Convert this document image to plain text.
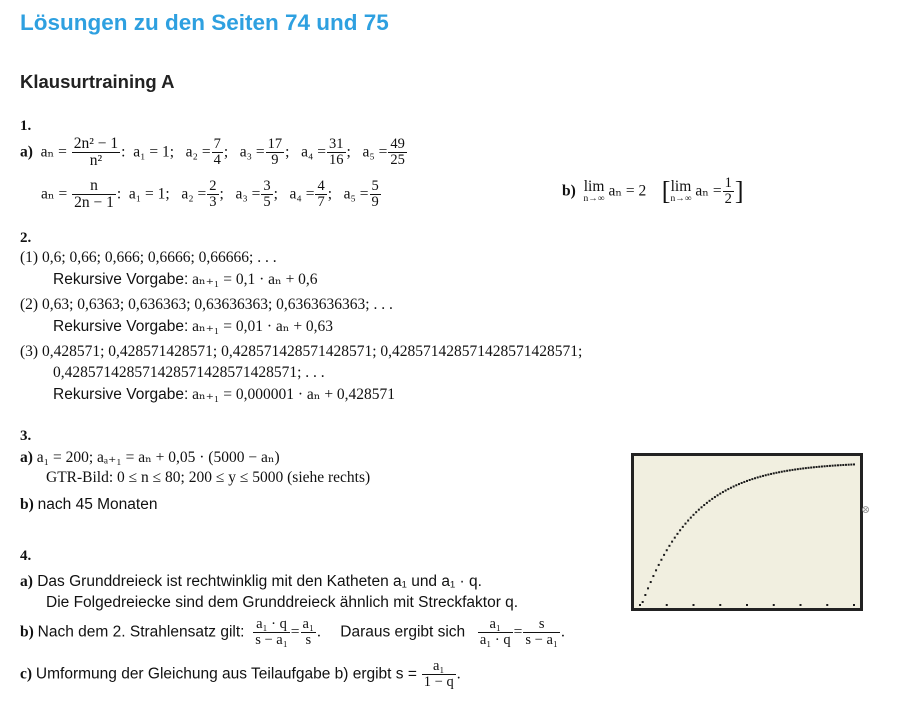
Lösungen zu den Seiten 74 und 75
Klausurtraining A
1.
a) $a_n = \frac{\text{2n² − 1}}{\text{n²}}$ :  a₁ = 1; $a_2 = \frac{7}{4}$ ;   $a_3 = \frac{17}{9}$ ;   $a_4 = \frac{31}{16}$ ;   $a_5 = \frac{49}{25}$
$a_n = \frac{n}{2n - 1}$ :  a₁ = 1; $a_2 = \frac{2}{3}$ ;   $a_3 = \frac{3}{5}$ ;   $a_4 = \frac{4}{7}$ ;   $a_5 = \frac{5}{9}$	b) lim
n→∞ aₙ = 2 [ lim
n→∞ $a_n = \frac{1}{2}$ ]
2.
(1) 0,6; 0,66; 0,666; 0,6666; 0,66666; . . .
Rekursive Vorgabe: aₙ₊₁ = 0,1 · aₙ + 0,6
(2) 0,63; 0,6363; 0,636363; 0,63636363; 0,6363636363; . . .
Rekursive Vorgabe: aₙ₊₁ = 0,01 · aₙ + 0,63
(3) 0,428571; 0,428571428571; 0,428571428571428571; 0,428571428571428571428571;
0,428571428571428571428571428571; . . .
Rekursive Vorgabe: aₙ₊₁ = 0,000001 · aₙ + 0,428571
3.
a) a₁ = 200; aₐ₊₁ = aₙ + 0,05 · (5000 − aₙ)
GTR-Bild: 0 ≤ n ≤ 80; 200 ≤ y ≤ 5000 (siehe rechts)
b) nach 45 Monaten	⊗
4.
a) Das Grunddreieck ist rechtwinklig mit den Katheten a₁ und a₁ · q.
Die Folgedreiecke sind dem Grunddreieck ähnlich mit Streckfaktor q.
b) Nach dem 2. Strahlensatz gilt: $\frac{\text{a₁ · q}}{\text{s − a₁}} = \frac{\text{a₁}}{s}$ .     Daraus ergibt sich $\frac{\text{a₁}}{\text{a₁ · q}} = \frac{s}{\text{s − a₁}}$ .
c) Umformung der Gleichung aus Teilaufgabe b) ergibt $s = \frac{\text{a₁}}{1 - q}$ .
